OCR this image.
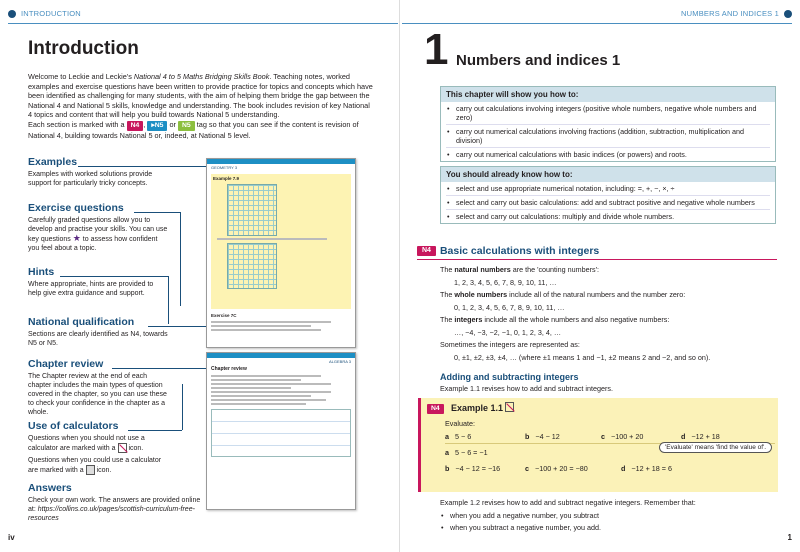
INTRODUCTION
Introduction

Welcome to Leckie and Leckie's National 4 to 5 Maths Bridging Skills Book. Teaching notes, worked examples and exercise questions have been written to provide practice for topics and concepts which have been identified as challenging for many students, with the aim of helping them bridge the gap between the National 4 and National 5 skills, knowledge and understanding. The book includes revision of key National 4 topics and content that will help you build towards National 5 understanding.

Each section is marked with a N4 , ▸N5 or N5 tag so that you can see if the content is revision of National 4, building towards National 5 or, indeed, at National 5 level.

Examples

Examples with worked solutions provide support for particularly tricky concepts.

Exercise questions

Carefully graded questions allow you to develop and practise your skills. You can use key questions ★ to assess how confident you feel about a topic.

Hints

Where appropriate, hints are provided to help give extra guidance and support.

National qualification

Sections are clearly identified as N4, towards N5 or N5.

Chapter review

The Chapter review at the end of each chapter includes the main types of question covered in the chapter, so you can use these to check your confidence in the chapter as a whole.

Use of calculators

Questions when you should not use a calculator are marked with a icon.

Questions when you could use a calculator are marked with a icon.

Answers

Check your own work. The answers are provided online at: https://collins.co.uk/pages/scottish-curriculum-free-resources

GEOMETRY 3
Example 7.9
Exercise 7C
ALGEBRA 3
Chapter review
iv
NUMBERS AND INDICES 1
1
1 Numbers and indices 1
This chapter will show you how to:
• carry out calculations involving integers (positive whole numbers, negative whole numbers and zero)
• carry out numerical calculations involving fractions (addition, subtraction, multiplication and division)
• carry out numerical calculations with basic indices (or powers) and roots.
You should already know how to:
• select and use appropriate numerical notation, including: =, +, −, ×, ÷
• select and carry out basic calculations: add and subtract positive and negative whole numbers
• select and carry out calculations: multiply and divide whole numbers.
N4 Basic calculations with integers
The natural numbers are the 'counting numbers':
1, 2, 3, 4, 5, 6, 7, 8, 9, 10, 11, …
The whole numbers include all of the natural numbers and the number zero:
0, 1, 2, 3, 4, 5, 6, 7, 8, 9, 10, 11, …
The integers include all the whole numbers and also negative numbers:
…, −4, −3, −2, −1, 0, 1, 2, 3, 4, …
Sometimes the integers are represented as:
0, ±1, ±2, ±3, ±4, … (where ±1 means 1 and −1, ±2 means 2 and −2, and so on).
Adding and subtracting integers
Example 1.1 revises how to add and subtract integers.
N4	Example 1.1
Evaluate:
a 5 − 6	b −4 − 12	c −100 + 20	d −12 + 18
a 5 − 6 = −1
'Evaluate' means 'find the value of'.
b −4 − 12 = −16	c −100 + 20 = −80	d −12 + 18 = 6
Example 1.2 revises how to add and subtract negative integers. Remember that:
• when you add a negative number, you subtract
• when you subtract a negative number, you add.
